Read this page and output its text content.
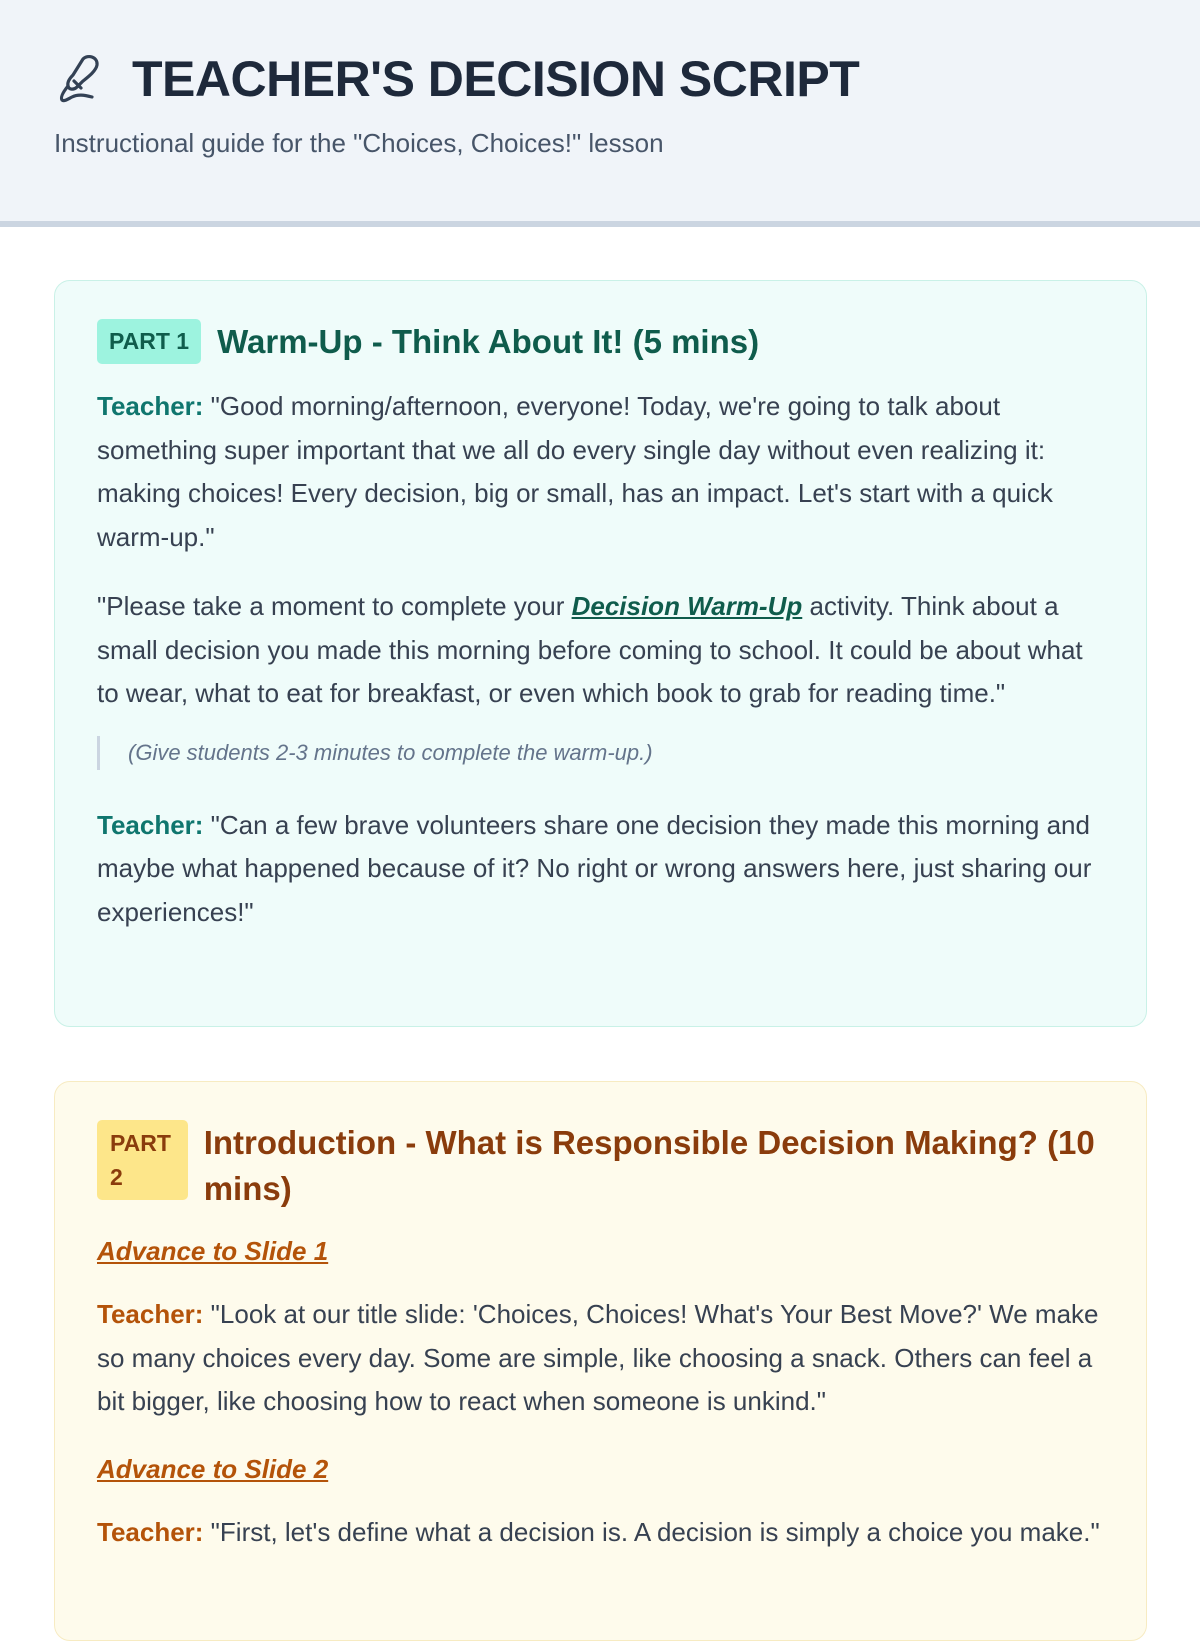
TEACHER'S DECISION SCRIPT

Instructional guide for the "Choices, Choices!" lesson

PART 1 Warm-Up - Think About It! (5 mins)

Teacher: "Good morning/afternoon, everyone! Today, we're going to talk about something super important that we all do every single day without even realizing it: making choices! Every decision, big or small, has an impact. Let's start with a quick warm-up."

"Please take a moment to complete your Decision Warm-Up activity. Think about a small decision you made this morning before coming to school. It could be about what to wear, what to eat for breakfast, or even which book to grab for reading time."

(Give students 2-3 minutes to complete the warm-up.)

Teacher: "Can a few brave volunteers share one decision they made this morning and maybe what happened because of it? No right or wrong answers here, just sharing our experiences!"

PART 2
Introduction - What is Responsible Decision Making? (10 mins)
Advance to Slide 1

Teacher: "Look at our title slide: 'Choices, Choices! What's Your Best Move?' We make so many choices every day. Some are simple, like choosing a snack. Others can feel a bit bigger, like choosing how to react when someone is unkind."

Advance to Slide 2

Teacher: "First, let's define what a decision is. A decision is simply a choice you make."
